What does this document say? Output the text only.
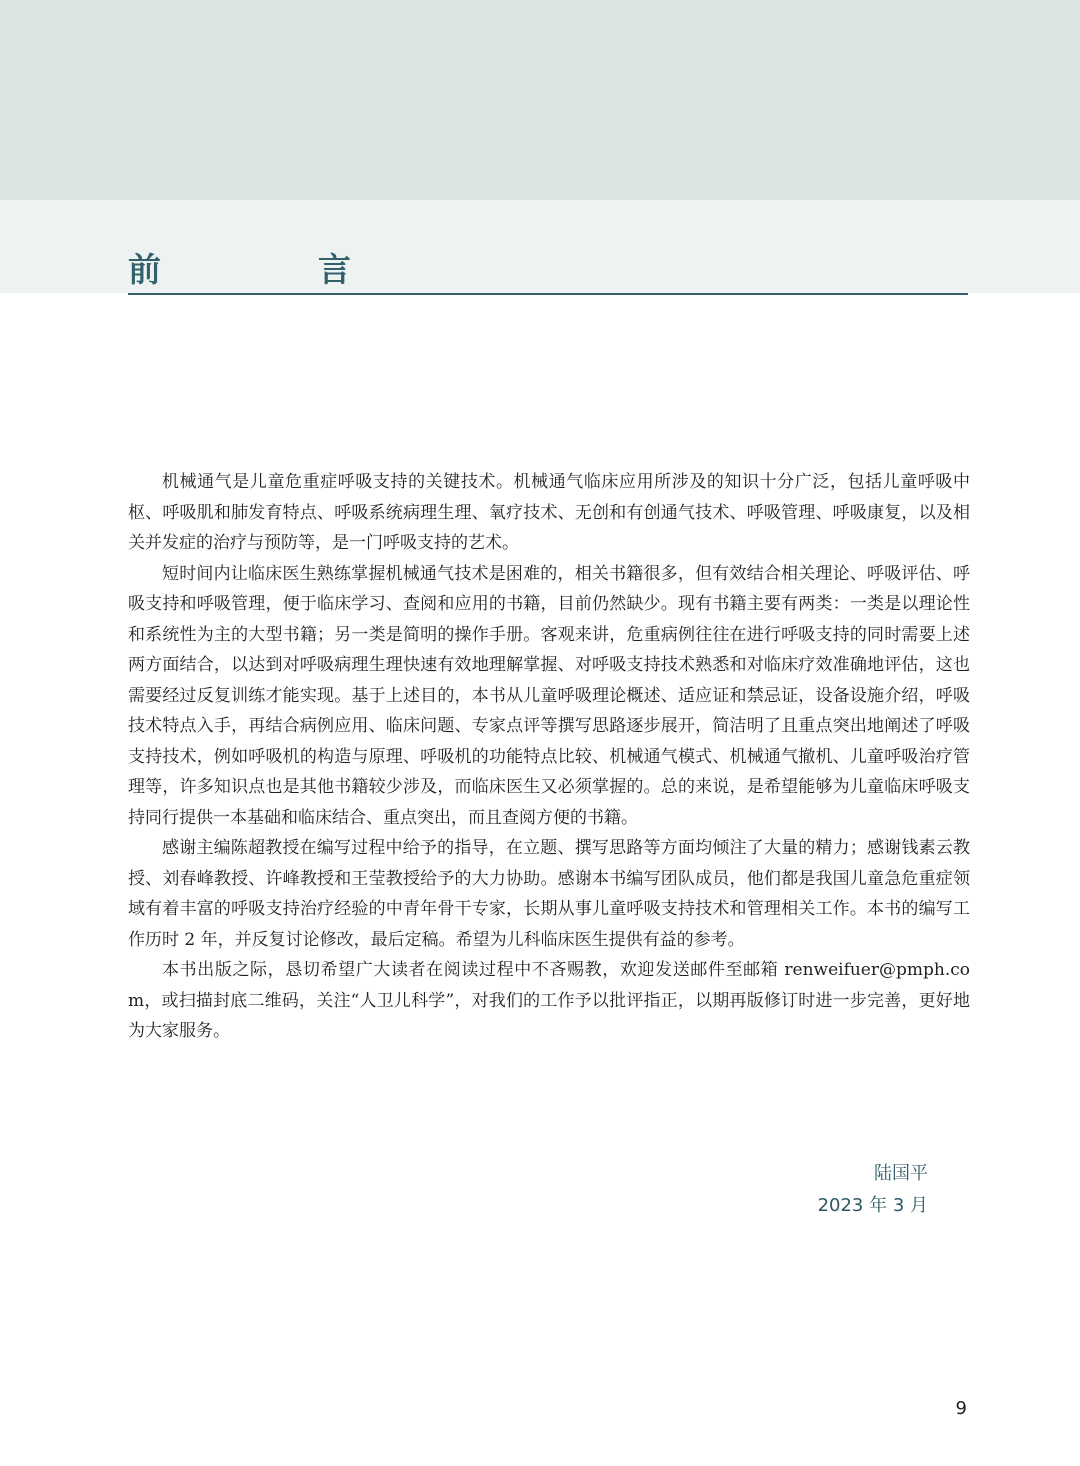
前　言

机械通气是儿童危重症呼吸支持的关键技术。机械通气临床应用所涉及的知识十分广泛，包括儿童呼吸中枢、呼吸肌和肺发育特点、呼吸系统病理生理、氧疗技术、无创和有创通气技术、呼吸管理、呼吸康复，以及相关并发症的治疗与预防等，是一门呼吸支持的艺术。

短时间内让临床医生熟练掌握机械通气技术是困难的，相关书籍很多，但有效结合相关理论、呼吸评估、呼吸支持和呼吸管理，便于临床学习、查阅和应用的书籍，目前仍然缺少。现有书籍主要有两类：一类是以理论性和系统性为主的大型书籍；另一类是简明的操作手册。客观来讲，危重病例往往在进行呼吸支持的同时需要上述两方面结合，以达到对呼吸病理生理快速有效地理解掌握、对呼吸支持技术熟悉和对临床疗效准确地评估，这也需要经过反复训练才能实现。基于上述目的，本书从儿童呼吸理论概述、适应证和禁忌证，设备设施介绍，呼吸技术特点入手，再结合病例应用、临床问题、专家点评等撰写思路逐步展开，简洁明了且重点突出地阐述了呼吸支持技术，例如呼吸机的构造与原理、呼吸机的功能特点比较、机械通气模式、机械通气撤机、儿童呼吸治疗管理等，许多知识点也是其他书籍较少涉及，而临床医生又必须掌握的。总的来说，是希望能够为儿童临床呼吸支持同行提供一本基础和临床结合、重点突出，而且查阅方便的书籍。

感谢主编陈超教授在编写过程中给予的指导，在立题、撰写思路等方面均倾注了大量的精力；感谢钱素云教授、刘春峰教授、许峰教授和王莹教授给予的大力协助。感谢本书编写团队成员，他们都是我国儿童急危重症领域有着丰富的呼吸支持治疗经验的中青年骨干专家，长期从事儿童呼吸支持技术和管理相关工作。本书的编写工作历时 2 年，并反复讨论修改，最后定稿。希望为儿科临床医生提供有益的参考。

本书出版之际，恳切希望广大读者在阅读过程中不吝赐教，欢迎发送邮件至邮箱 renweifuer@pmph.com，或扫描封底二维码，关注“人卫儿科学”，对我们的工作予以批评指正，以期再版修订时进一步完善，更好地为大家服务。

陆国平
2023 年 3 月
9
